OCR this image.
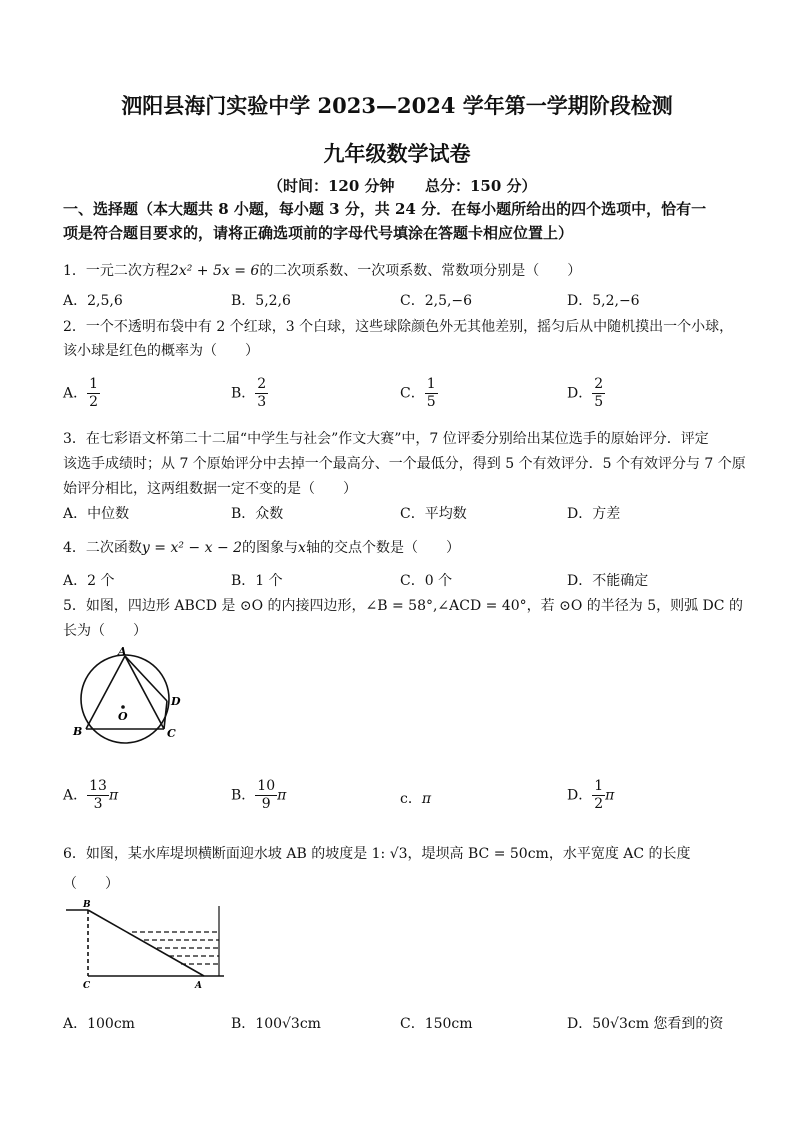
泗阳县海门实验中学 2023—2024 学年第一学期阶段检测
九年级数学试卷
（时间：120 分钟 总分：150 分）
一、选择题（本大题共 8 小题，每小题 3 分，共 24 分．在每小题所给出的四个选项中，恰有一
项是符合题目要求的，请将正确选项前的字母代号填涂在答题卡相应位置上）
1．一元二次方程2x² + 5x = 6的二次项系数、一次项系数、常数项分别是（　　）
A．2,5,6	B．5,2,6	C．2,5,−6	D．5,2,−6
2．一个不透明布袋中有 2 个红球，3 个白球，这些球除颜色外无其他差别，摇匀后从中随机摸出一个小球，
该小球是红色的概率为（　　）
A． $\frac{1}{2}$	B． $\frac{2}{3}$	C． $\frac{1}{5}$	D． $\frac{2}{5}$
3．在七彩语文杯第二十二届“中学生与社会”作文大赛”中，7 位评委分别给出某位选手的原始评分．评定
该选手成绩时；从 7 个原始评分中去掉一个最高分、一个最低分，得到 5 个有效评分．5 个有效评分与 7 个原
始评分相比，这两组数据一定不变的是（　　）
A．中位数	B．众数	C．平均数	D．方差
4．二次函数y = x² − x − 2的图象与x轴的交点个数是（　　）
A．2 个	B．1 个	C．0 个	D．不能确定
5．如图，四边形 ABCD 是 ⊙O 的内接四边形，∠B = 58°,∠ACD = 40°，若 ⊙O 的半径为 5，则弧 DC 的
长为（　　）
A
B	C
D
O
A． $\frac{13}{3}$ π	B． $\frac{10}{9}$ π	c．π	D． $\frac{1}{2}$ π
6．如图，某水库堤坝横断面迎水坡 AB 的坡度是 1: √3，堤坝高 BC = 50cm，水平宽度 AC 的长度
（　　）
B
C	A
A．100cm	B．100√3cm	C．150cm	D．50√3cm 您看到的资
